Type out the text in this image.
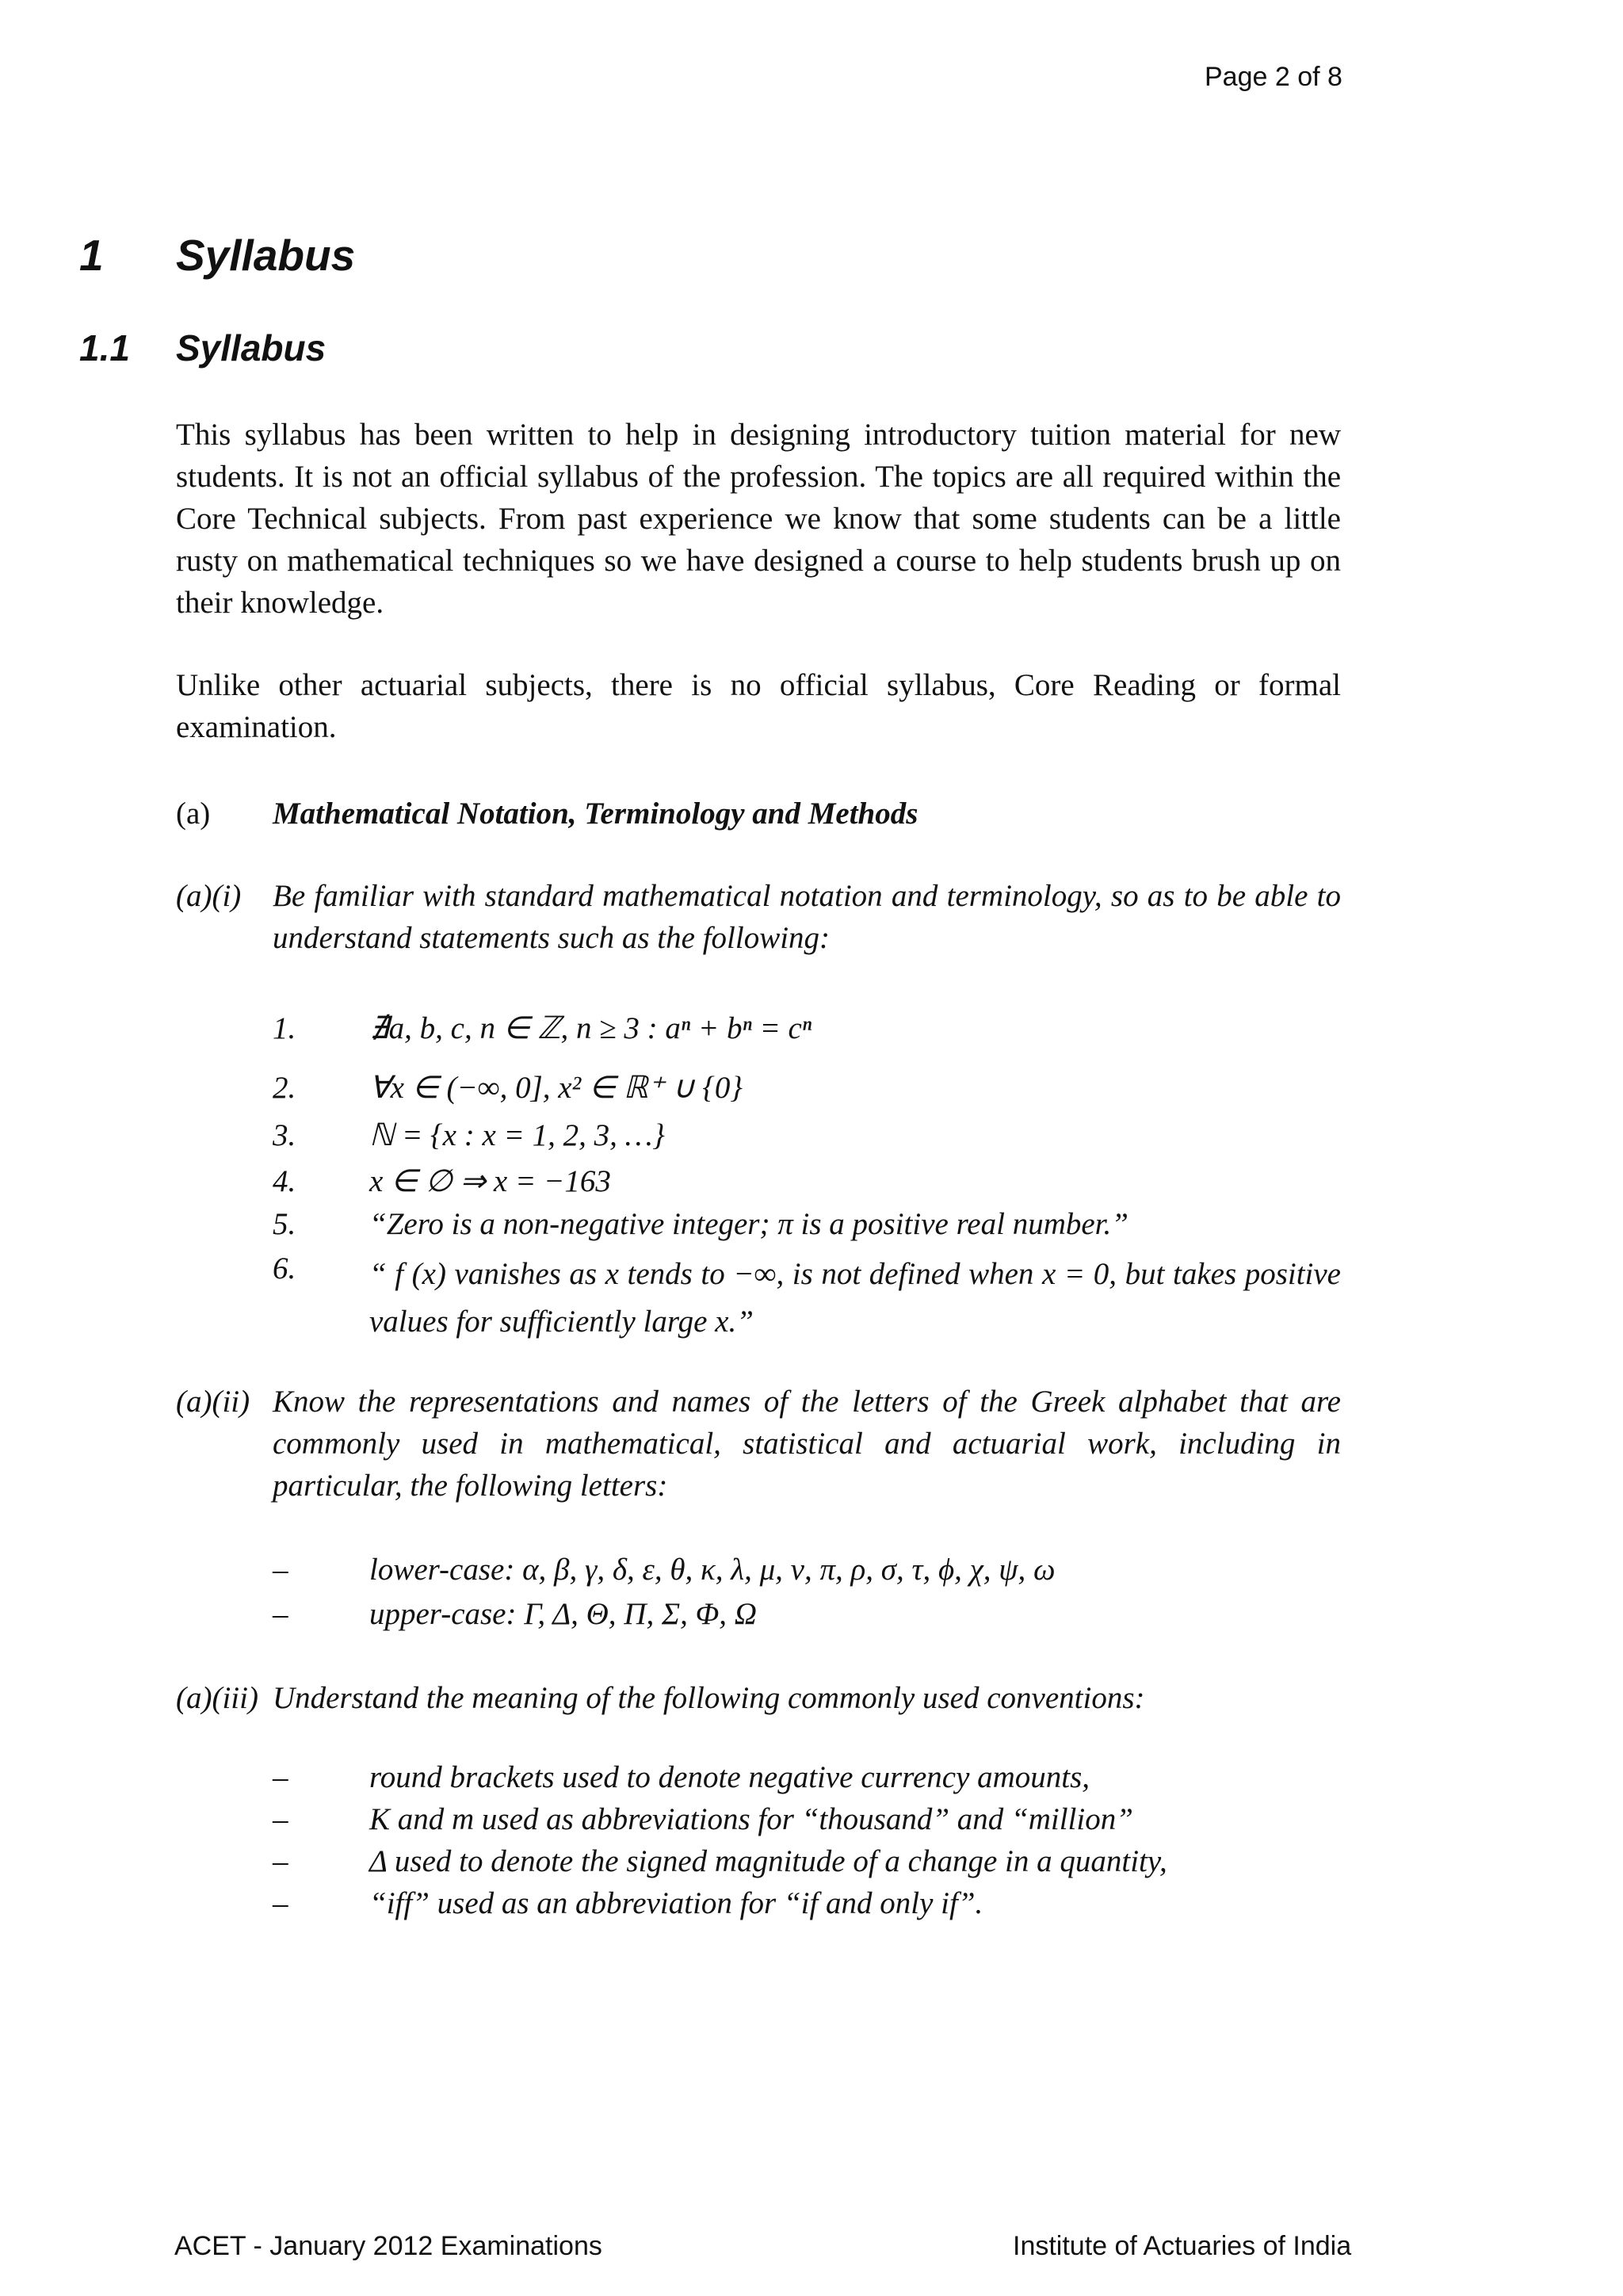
Page 2 of 8
1 Syllabus
1.1 Syllabus
This syllabus has been written to help in designing introductory tuition material for new students. It is not an official syllabus of the profession. The topics are all required within the Core Technical subjects. From past experience we know that some students can be a little rusty on mathematical techniques so we have designed a course to help students brush up on their knowledge.
Unlike other actuarial subjects, there is no official syllabus, Core Reading or formal examination.
(a) Mathematical Notation, Terminology and Methods
(a)(i) Be familiar with standard mathematical notation and terminology, so as to be able to understand statements such as the following:
1. ∄a, b, c, n ∈ ℤ, n ≥ 3 : aⁿ + bⁿ = cⁿ
2. ∀x ∈ (−∞, 0], x² ∈ ℝ⁺ ∪ {0}
3. ℕ = {x : x = 1, 2, 3, …}
4. x ∈ ∅ ⇒ x = −163
5. “Zero is a non-negative integer; π is a positive real number.”
6. “ f (x) vanishes as x tends to −∞, is not defined when x = 0, but takes positive values for sufficiently large x.”
(a)(ii) Know the representations and names of the letters of the Greek alphabet that are commonly used in mathematical, statistical and actuarial work, including in particular, the following letters:
–	lower-case: α, β, γ, δ, ε, θ, κ, λ, μ, ν, π, ρ, σ, τ, ϕ, χ, ψ, ω
–	upper-case: Γ, Δ, Θ, Π, Σ, Φ, Ω
(a)(iii) Understand the meaning of the following commonly used conventions:
–	round brackets used to denote negative currency amounts,
–	K and m used as abbreviations for “thousand” and “million”
–	Δ used to denote the signed magnitude of a change in a quantity,
–	“iff” used as an abbreviation for “if and only if”.
ACET - January 2012 Examinations	Institute of Actuaries of India
